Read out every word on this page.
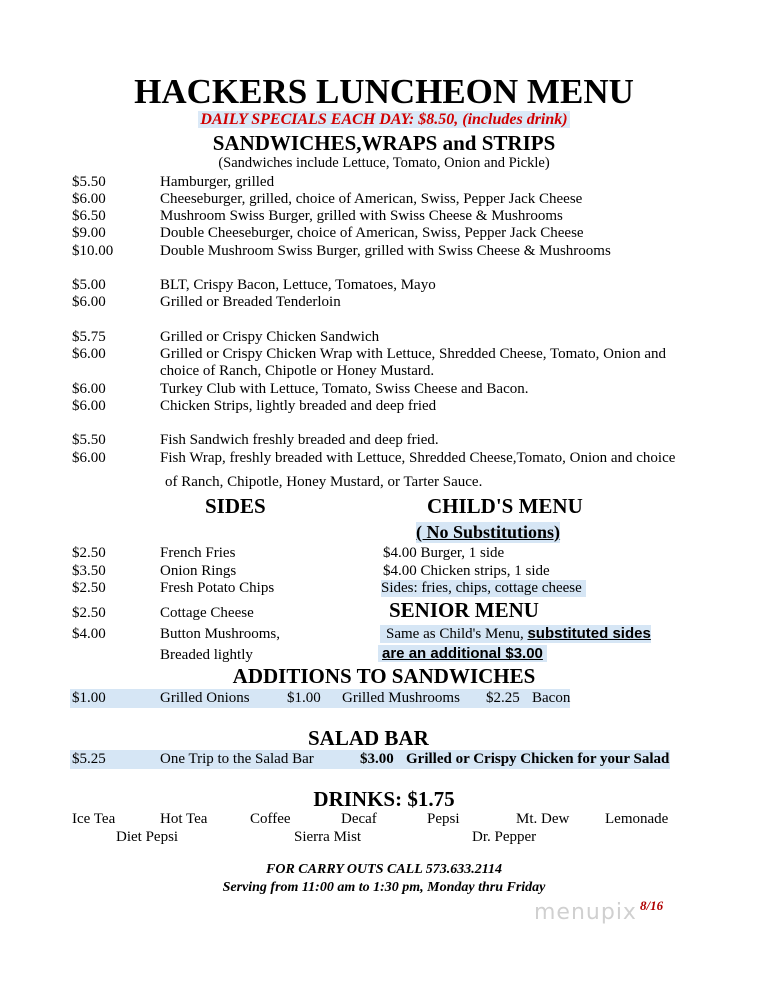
HACKERS LUNCHEON MENU
DAILY SPECIALS EACH DAY: $8.50, (includes drink)
SANDWICHES,WRAPS and STRIPS
(Sandwiches include Lettuce, Tomato, Onion and Pickle)
$5.50	Hamburger, grilled
$6.00	Cheeseburger, grilled, choice of American, Swiss, Pepper Jack Cheese
$6.50	Mushroom Swiss Burger, grilled with Swiss Cheese & Mushrooms
$9.00	Double Cheeseburger, choice of American, Swiss, Pepper Jack Cheese
$10.00	Double Mushroom Swiss Burger, grilled with Swiss Cheese & Mushrooms
$5.00	BLT, Crispy Bacon, Lettuce, Tomatoes, Mayo
$6.00	Grilled or Breaded Tenderloin
$5.75	Grilled or Crispy Chicken Sandwich
$6.00	Grilled or Crispy Chicken Wrap with Lettuce, Shredded Cheese, Tomato, Onion and
choice of Ranch, Chipotle or Honey Mustard.
$6.00	Turkey Club with Lettuce, Tomato, Swiss Cheese and Bacon.
$6.00	Chicken Strips, lightly breaded and deep fried
$5.50	Fish Sandwich freshly breaded and deep fried.
$6.00	Fish Wrap, freshly breaded with Lettuce, Shredded Cheese,Tomato, Onion and choice
of Ranch, Chipotle, Honey Mustard, or Tarter Sauce.
SIDES	CHILD'S MENU
( No Substitutions)
$2.50	French Fries
$3.50	Onion Rings
$2.50	Fresh Potato Chips
$2.50	Cottage Cheese
$4.00	Button Mushrooms,
Breaded lightly
$4.00 Burger, 1 side
$4.00 Chicken strips, 1 side
Sides: fries, chips, cottage cheese
SENIOR MENU
Same as Child's Menu, substituted sides
are an additional $3.00
ADDITIONS TO SANDWICHES
$1.00	Grilled Onions $1.00 Grilled Mushrooms $2.25 Bacon
SALAD BAR
$5.25	One Trip to the Salad Bar	$3.00 Grilled or Crispy Chicken for your Salad
DRINKS: $1.75
Ice Tea	Hot Tea	Coffee	Decaf	Pepsi	Mt. Dew Lemonade
Diet Pepsi	Sierra Mist	Dr. Pepper
FOR CARRY OUTS CALL 573.633.2114
Serving from 11:00 am to 1:30 pm, Monday thru Friday
menupix 8/16
